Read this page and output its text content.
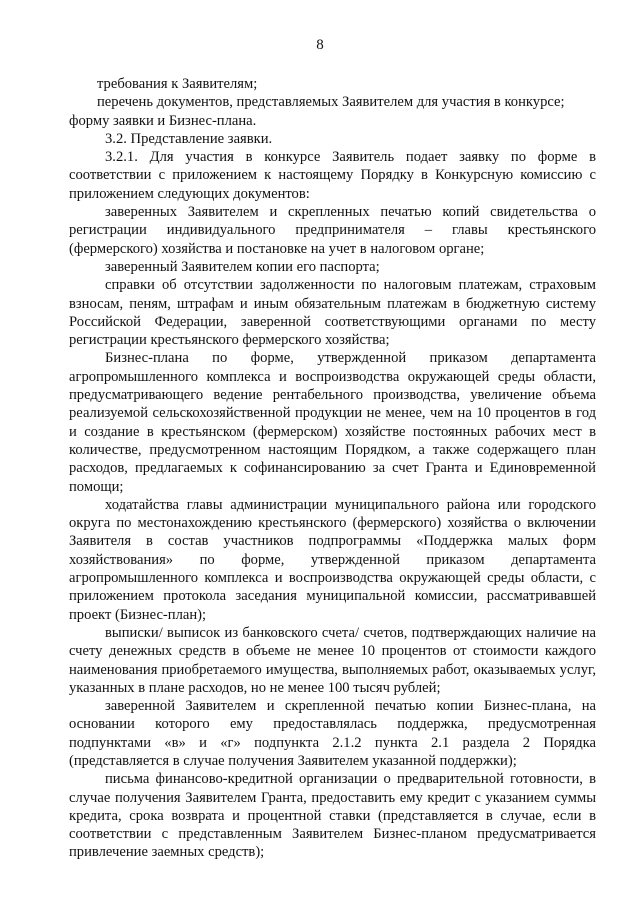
8

требования к Заявителям;

перечень документов, представляемых Заявителем для участия в конкурсе;

форму заявки и Бизнес-плана.

3.2. Представление заявки.

3.2.1. Для участия в конкурсе Заявитель подает заявку по форме в соответствии с приложением к настоящему Порядку в Конкурсную комиссию с приложением следующих документов:

заверенных Заявителем и скрепленных печатью копий свидетельства о регистрации индивидуального предпринимателя – главы крестьянского (фермерского) хозяйства и постановке на учет в налоговом органе;

заверенный Заявителем копии его паспорта;

справки об отсутствии задолженности по налоговым платежам, страховым взносам, пеням, штрафам и иным обязательным платежам в бюджетную систему Российской Федерации, заверенной соответствующими органами по месту регистрации крестьянского фермерского хозяйства;

Бизнес-плана по форме, утвержденной приказом департамента агропромышленного комплекса и воспроизводства окружающей среды области, предусматривающего ведение рентабельного производства, увеличение объема реализуемой сельскохозяйственной продукции не менее, чем на 10 процентов в год и создание в крестьянском (фермерском) хозяйстве постоянных рабочих мест в количестве, предусмотренном настоящим Порядком, а также содержащего план расходов, предлагаемых к софинансированию за счет Гранта и Единовременной помощи;

ходатайства главы администрации муниципального района или городского округа по местонахождению крестьянского (фермерского) хозяйства о включении Заявителя в состав участников подпрограммы «Поддержка малых форм хозяйствования» по форме, утвержденной приказом департамента агропромышленного комплекса и воспроизводства окружающей среды области, с приложением протокола заседания муниципальной комиссии, рассматривавшей проект (Бизнес-план);

выписки/ выписок из банковского счета/ счетов, подтверждающих наличие на счету денежных средств в объеме не менее 10 процентов от стоимости каждого наименования приобретаемого имущества, выполняемых работ, оказываемых услуг, указанных в плане расходов, но не менее 100 тысяч рублей;

заверенной Заявителем и скрепленной печатью копии Бизнес-плана, на основании которого ему предоставлялась поддержка, предусмотренная подпунктами «в» и «г» подпункта 2.1.2 пункта 2.1 раздела 2 Порядка (представляется в случае получения Заявителем указанной поддержки);

письма финансово-кредитной организации о предварительной готовности, в случае получения Заявителем Гранта, предоставить ему кредит с указанием суммы кредита, срока возврата и процентной ставки (представляется в случае, если в соответствии с представленным Заявителем Бизнес-планом предусматривается привлечение заемных средств);
